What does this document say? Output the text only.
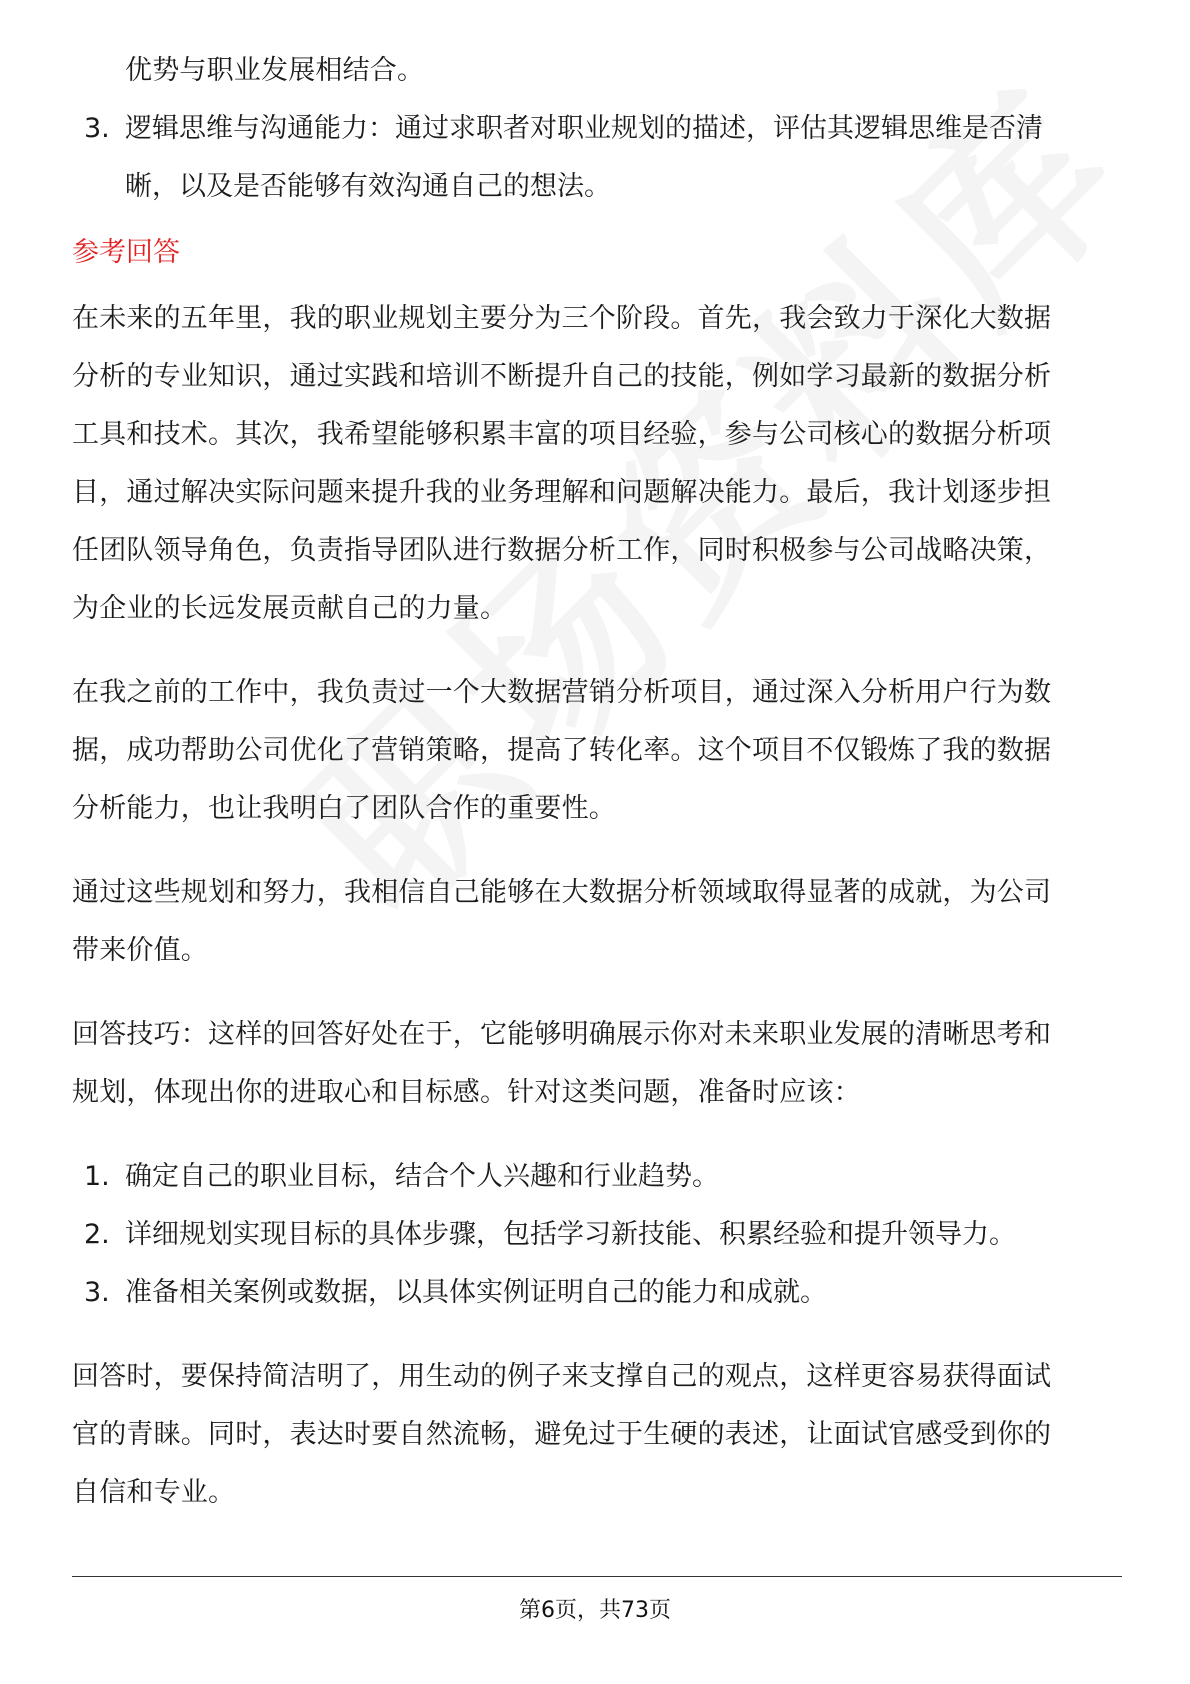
优势与职业发展相结合。

3. 逻辑思维与沟通能力：通过求职者对职业规划的描述，评估其逻辑思维是否清
晰，以及是否能够有效沟通自己的想法。
参考回答

在未来的五年里，我的职业规划主要分为三个阶段。首先，我会致力于深化大数据
分析的专业知识，通过实践和培训不断提升自己的技能，例如学习最新的数据分析
工具和技术。其次，我希望能够积累丰富的项目经验，参与公司核心的数据分析项
目，通过解决实际问题来提升我的业务理解和问题解决能力。最后，我计划逐步担
任团队领导角色，负责指导团队进行数据分析工作，同时积极参与公司战略决策，
为企业的长远发展贡献自己的力量。

在我之前的工作中，我负责过一个大数据营销分析项目，通过深入分析用户行为数
据，成功帮助公司优化了营销策略，提高了转化率。这个项目不仅锻炼了我的数据
分析能力，也让我明白了团队合作的重要性。

通过这些规划和努力，我相信自己能够在大数据分析领域取得显著的成就，为公司
带来价值。

回答技巧：这样的回答好处在于，它能够明确展示你对未来职业发展的清晰思考和
规划，体现出你的进取心和目标感。针对这类问题，准备时应该：

1. 确定自己的职业目标，结合个人兴趣和行业趋势。
2. 详细规划实现目标的具体步骤，包括学习新技能、积累经验和提升领导力。
3. 准备相关案例或数据，以具体实例证明自己的能力和成就。

回答时，要保持简洁明了，用生动的例子来支撑自己的观点，这样更容易获得面试
官的青睐。同时，表达时要自然流畅，避免过于生硬的表述，让面试官感受到你的
自信和专业。

第6页，共73页
